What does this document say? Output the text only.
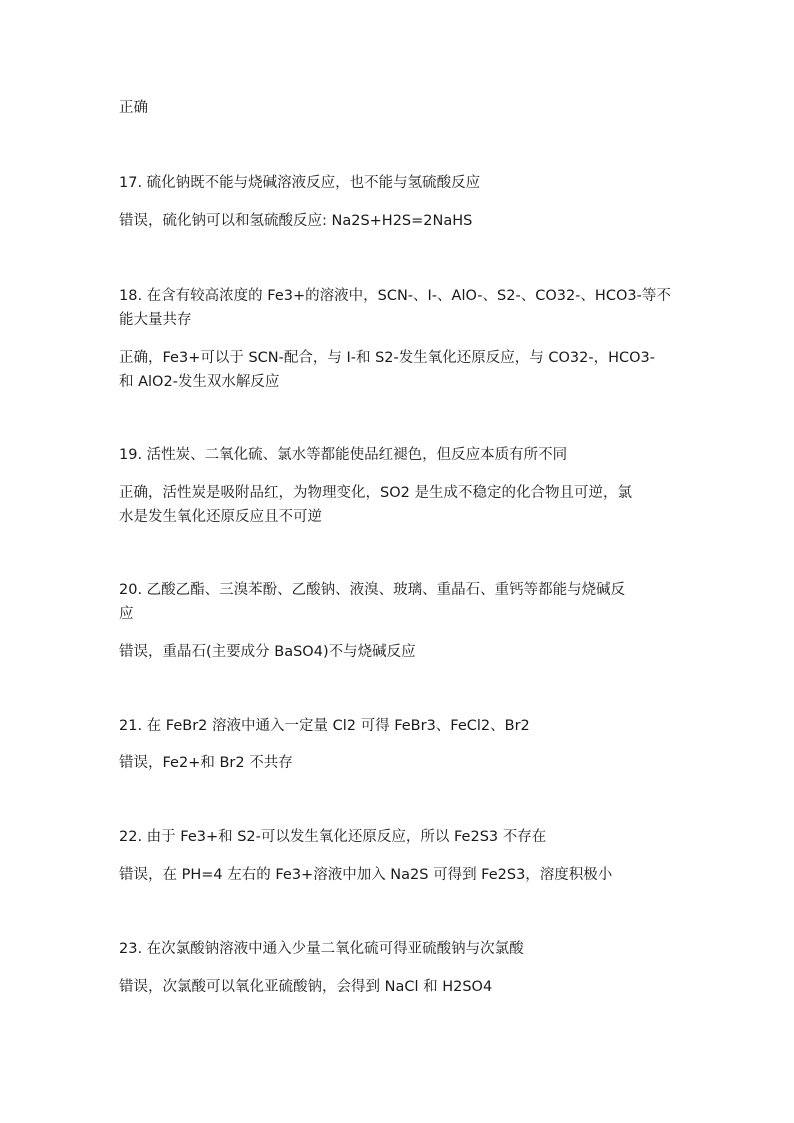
正确
17. 硫化钠既不能与烧碱溶液反应，也不能与氢硫酸反应
错误，硫化钠可以和氢硫酸反应: Na2S+H2S=2NaHS
18. 在含有较高浓度的 Fe3+的溶液中，SCN-、I-、AlO-、S2-、CO32-、HCO3-等不
能大量共存
正确，Fe3+可以于 SCN-配合，与 I-和 S2-发生氧化还原反应，与 CO32-，HCO3-
和 AlO2-发生双水解反应
19. 活性炭、二氧化硫、氯水等都能使品红褪色，但反应本质有所不同
正确，活性炭是吸附品红，为物理变化，SO2 是生成不稳定的化合物且可逆，氯
水是发生氧化还原反应且不可逆
20. 乙酸乙酯、三溴苯酚、乙酸钠、液溴、玻璃、重晶石、重钙等都能与烧碱反
应
错误，重晶石(主要成分 BaSO4)不与烧碱反应
21. 在 FeBr2 溶液中通入一定量 Cl2 可得 FeBr3、FeCl2、Br2
错误，Fe2+和 Br2 不共存
22. 由于 Fe3+和 S2-可以发生氧化还原反应，所以 Fe2S3 不存在
错误，在 PH=4 左右的 Fe3+溶液中加入 Na2S 可得到 Fe2S3，溶度积极小
23. 在次氯酸钠溶液中通入少量二氧化硫可得亚硫酸钠与次氯酸
错误，次氯酸可以氧化亚硫酸钠，会得到 NaCl 和 H2SO4
